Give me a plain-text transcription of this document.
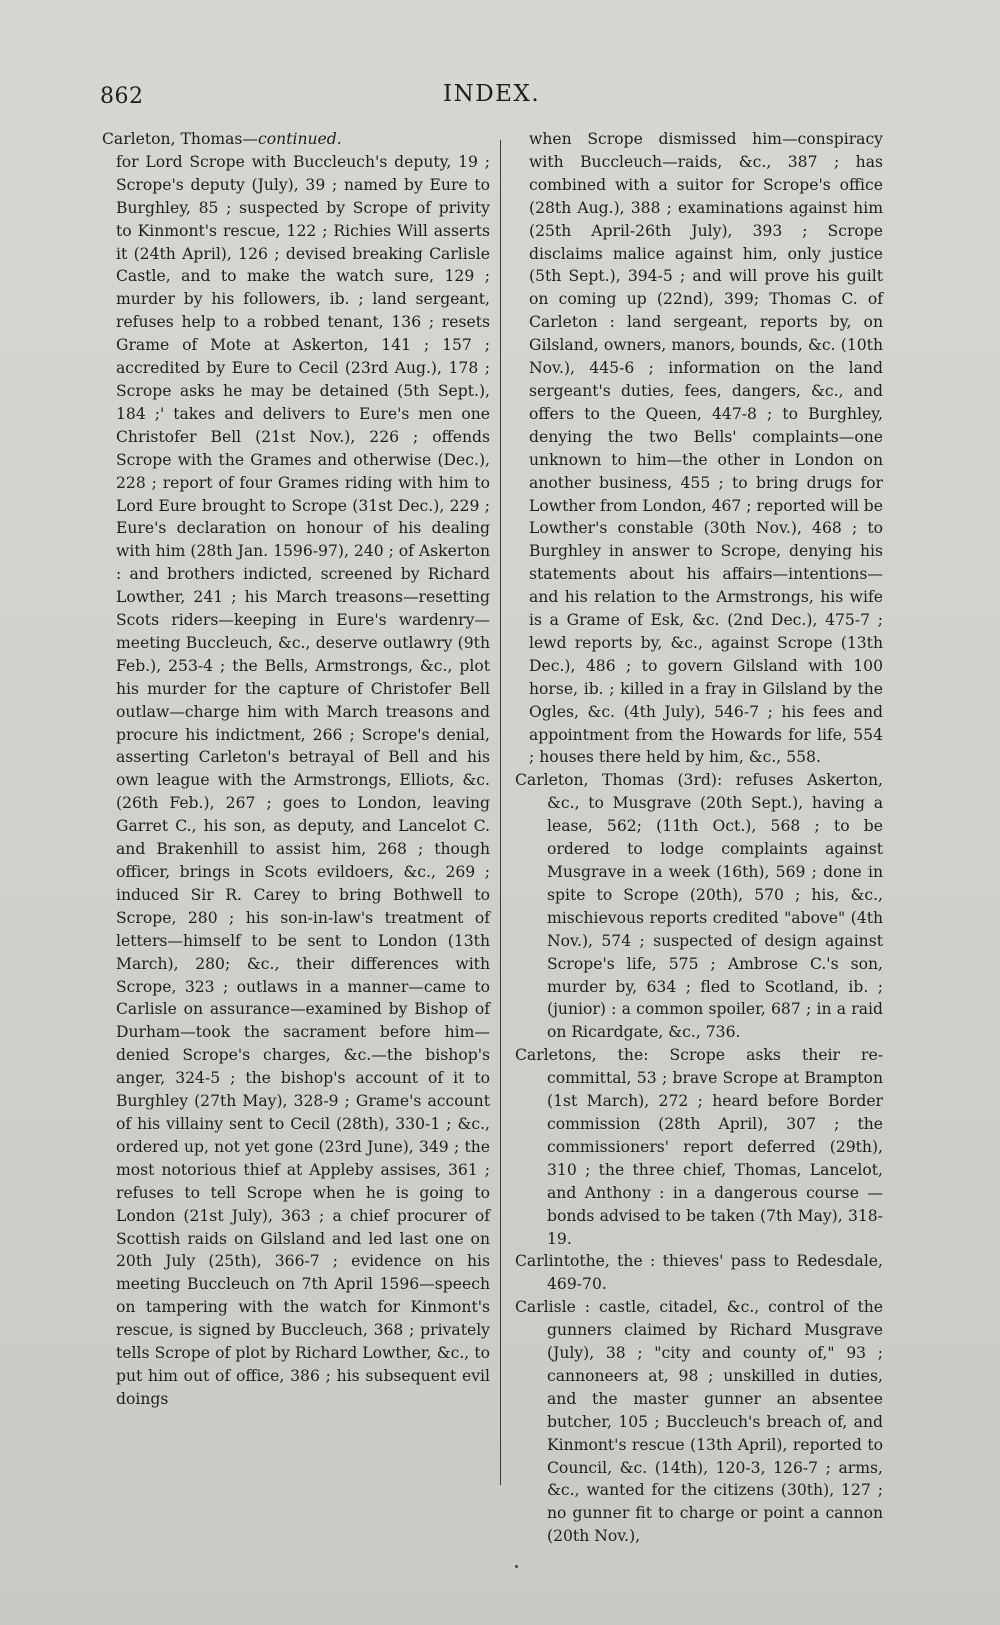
862	INDEX.

Carleton, Thomas—continued.

for Lord Scrope with Buccleuch's deputy, 19 ; Scrope's deputy (July), 39 ; named by Eure to Burghley, 85 ; suspected by Scrope of privity to Kinmont's rescue, 122 ; Richies Will asserts it (24th April), 126 ; devised breaking Carlisle Castle, and to make the watch sure, 129 ; murder by his followers, ib. ; land sergeant, refuses help to a robbed tenant, 136 ; resets Grame of Mote at Askerton, 141 ; 157 ; accredited by Eure to Cecil (23rd Aug.), 178 ; Scrope asks he may be detained (5th Sept.), 184 ;' takes and delivers to Eure's men one Christofer Bell (21st Nov.), 226 ; offends Scrope with the Grames and otherwise (Dec.), 228 ; report of four Grames riding with him to Lord Eure brought to Scrope (31st Dec.), 229 ; Eure's declaration on honour of his dealing with him (28th Jan. 1596-97), 240 ; of Askerton : and brothers indicted, screened by Richard Lowther, 241 ; his March treasons—resetting Scots riders—keeping in Eure's wardenry—meeting Buccleuch, &c., deserve outlawry (9th Feb.), 253-4 ; the Bells, Armstrongs, &c., plot his murder for the capture of Christofer Bell outlaw—charge him with March treasons and procure his indictment, 266 ; Scrope's denial, asserting Carleton's betrayal of Bell and his own league with the Armstrongs, Elliots, &c. (26th Feb.), 267 ; goes to London, leaving Garret C., his son, as deputy, and Lancelot C. and Brakenhill to assist him, 268 ; though officer, brings in Scots evildoers, &c., 269 ; induced Sir R. Carey to bring Bothwell to Scrope, 280 ; his son-in-law's treatment of letters—himself to be sent to London (13th March), 280; &c., their differences with Scrope, 323 ; outlaws in a manner—came to Carlisle on assurance—examined by Bishop of Durham—took the sacrament before him—denied Scrope's charges, &c.—the bishop's anger, 324-5 ; the bishop's account of it to Burghley (27th May), 328-9 ; Grame's account of his villainy sent to Cecil (28th), 330-1 ; &c., ordered up, not yet gone (23rd June), 349 ; the most notorious thief at Appleby assises, 361 ; refuses to tell Scrope when he is going to London (21st July), 363 ; a chief procurer of Scottish raids on Gilsland and led last one on 20th July (25th), 366-7 ; evidence on his meeting Buccleuch on 7th April 1596—speech on tampering with the watch for Kinmont's rescue, is signed by Buccleuch, 368 ; privately tells Scrope of plot by Richard Lowther, &c., to put him out of office, 386 ; his subsequent evil doings

when Scrope dismissed him—conspiracy with Buccleuch—raids, &c., 387 ; has combined with a suitor for Scrope's office (28th Aug.), 388 ; examinations against him (25th April-26th July), 393 ; Scrope disclaims malice against him, only justice (5th Sept.), 394-5 ; and will prove his guilt on coming up (22nd), 399; Thomas C. of Carleton : land sergeant, reports by, on Gilsland, owners, manors, bounds, &c. (10th Nov.), 445-6 ; information on the land sergeant's duties, fees, dangers, &c., and offers to the Queen, 447-8 ; to Burghley, denying the two Bells' complaints—one unknown to him—the other in London on another business, 455 ; to bring drugs for Lowther from London, 467 ; reported will be Lowther's constable (30th Nov.), 468 ; to Burghley in answer to Scrope, denying his statements about his affairs—intentions—and his relation to the Armstrongs, his wife is a Grame of Esk, &c. (2nd Dec.), 475-7 ; lewd reports by, &c., against Scrope (13th Dec.), 486 ; to govern Gilsland with 100 horse, ib. ; killed in a fray in Gilsland by the Ogles, &c. (4th July), 546-7 ; his fees and appointment from the Howards for life, 554 ; houses there held by him, &c., 558.

Carleton, Thomas (3rd): refuses Askerton, &c., to Musgrave (20th Sept.), having a lease, 562; (11th Oct.), 568 ; to be ordered to lodge complaints against Musgrave in a week (16th), 569 ; done in spite to Scrope (20th), 570 ; his, &c., mischievous reports credited "above" (4th Nov.), 574 ; suspected of design against Scrope's life, 575 ; Ambrose C.'s son, murder by, 634 ; fled to Scotland, ib. ; (junior) : a common spoiler, 687 ; in a raid on Ricardgate, &c., 736.

Carletons, the: Scrope asks their re-committal, 53 ; brave Scrope at Brampton (1st March), 272 ; heard before Border commission (28th April), 307 ; the commissioners' report deferred (29th), 310 ; the three chief, Thomas, Lancelot, and Anthony : in a dangerous course — bonds advised to be taken (7th May), 318-19.

Carlintothe, the : thieves' pass to Redesdale, 469-70.

Carlisle : castle, citadel, &c., control of the gunners claimed by Richard Musgrave (July), 38 ; "city and county of," 93 ; cannoneers at, 98 ; unskilled in duties, and the master gunner an absentee butcher, 105 ; Buccleuch's breach of, and Kinmont's rescue (13th April), reported to Council, &c. (14th), 120-3, 126-7 ; arms, &c., wanted for the citizens (30th), 127 ; no gunner fit to charge or point a cannon (20th Nov.),
